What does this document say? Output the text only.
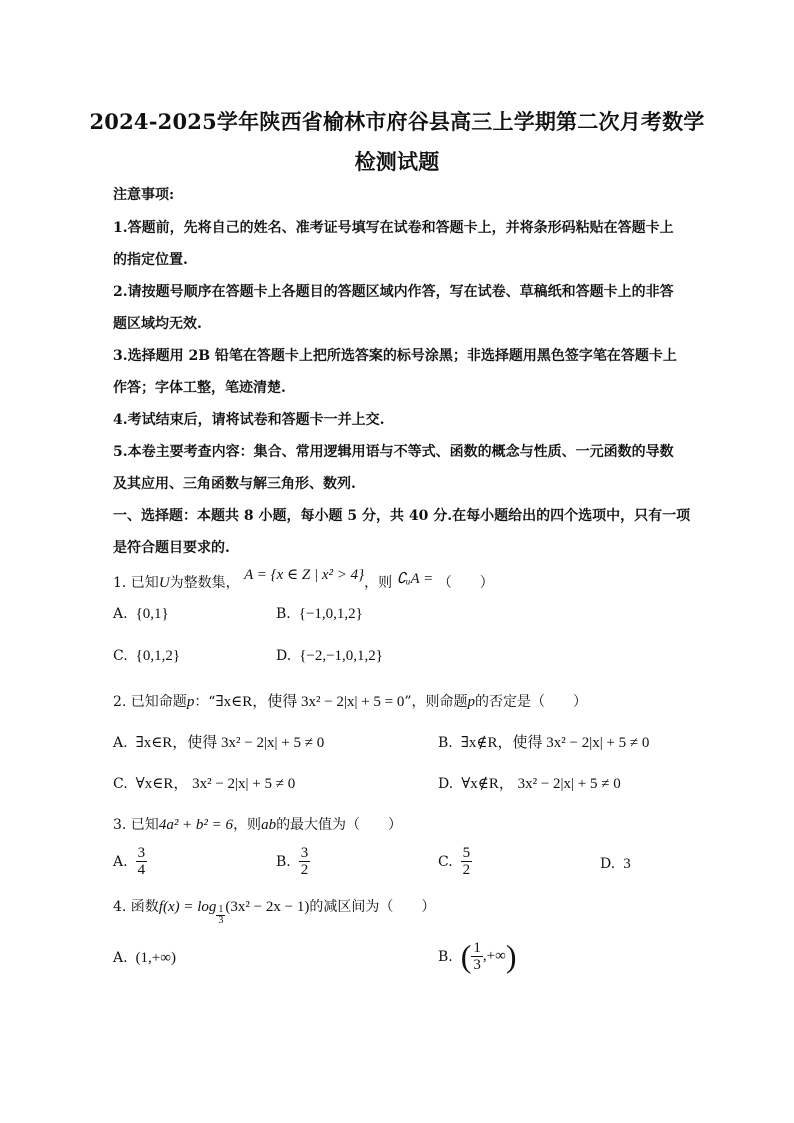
2024-2025学年陕西省榆林市府谷县高三上学期第二次月考数学
检测试题
注意事项:
1.答题前，先将自己的姓名、准考证号填写在试卷和答题卡上，并将条形码粘贴在答题卡上
的指定位置.
2.请按题号顺序在答题卡上各题目的答题区域内作答，写在试卷、草稿纸和答题卡上的非答
题区域均无效.
3.选择题用 2B 铅笔在答题卡上把所选答案的标号涂黑；非选择题用黑色签字笔在答题卡上
作答；字体工整，笔迹清楚.
4.考试结束后，请将试卷和答题卡一并上交.
5.本卷主要考查内容：集合、常用逻辑用语与不等式、函数的概念与性质、一元函数的导数
及其应用、三角函数与解三角形、数列.
一、选择题：本题共 8 小题，每小题 5 分，共 40 分.在每小题给出的四个选项中，只有一项
是符合题目要求的.
1. 已知U为整数集， A = {x ∈ Z | x² > 4}，则 ∁ᵤA = （　　）
A. {0,1}	B. {−1,0,1,2}
C. {0,1,2}	D. {−2,−1,0,1,2}
2. 已知命题p：“∃x∈R，使得 3x² − 2|x| + 5 = 0”，则命题p的否定是（　　）
A. ∃x∈R，使得 3x² − 2|x| + 5 ≠ 0	B. ∃x∉R，使得 3x² − 2|x| + 5 ≠ 0
C. ∀x∈R， 3x² − 2|x| + 5 ≠ 0	D. ∀x∉R， 3x² − 2|x| + 5 ≠ 0
3. 已知4a² + b² = 6，则ab的最大值为（　　）
A. $\frac{3}{4}$	B. $\frac{3}{2}$	C. $\frac{5}{2}$	D. 3
4. 函数$f(x) = \log \frac{1}{3} (3x^2 - 2x - 1)$的减区间为（　　）
A. (1,+∞)	B. ( $\frac{1}{3}$ ,+∞)
